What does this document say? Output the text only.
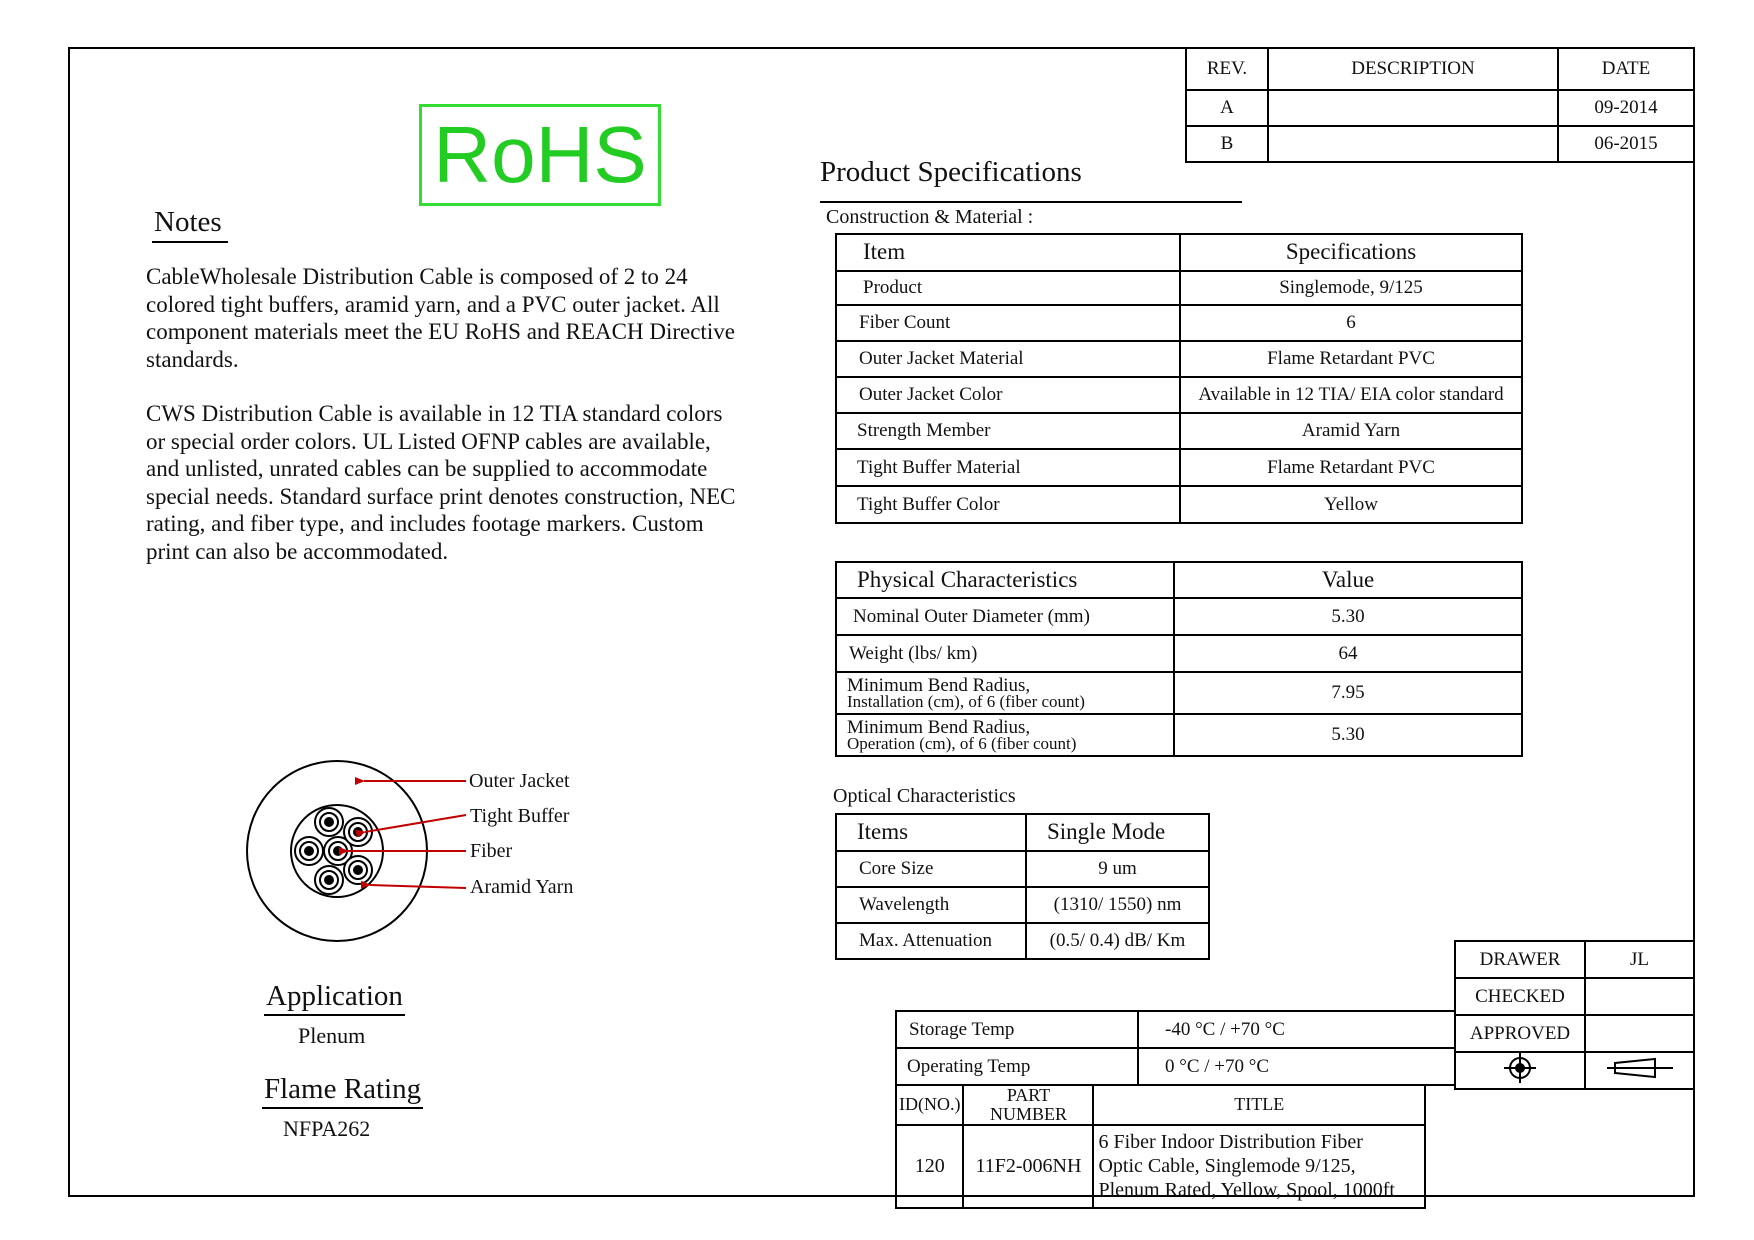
REV.	DESCRIPTION	DATE
A		09-2014
B		06-2015
RoHS
Notes

CableWholesale Distribution Cable is composed of 2 to 24 colored tight buffers, aramid yarn, and a PVC outer jacket. All component materials meet the EU RoHS and REACH Directive standards.

CWS Distribution Cable is available in 12 TIA standard colors or special order colors. UL Listed OFNP cables are available, and unlisted, unrated cables can be supplied to accommodate special needs. Standard surface print denotes construction, NEC rating, and fiber type, and includes footage markers. Custom print can also be accommodated.

Product Specifications
Construction & Material :
Item	Specifications
Product	Singlemode, 9/125
Fiber Count	6
Outer Jacket Material	Flame Retardant PVC
Outer Jacket Color	Available in 12 TIA/ EIA color standard
Strength Member	Aramid Yarn
Tight Buffer Material	Flame Retardant PVC
Tight Buffer Color	Yellow
Physical Characteristics	Value
Nominal Outer Diameter (mm)	5.30
Weight (lbs/ km)	64

Minimum Bend Radius,
Installation (cm), of 6 (fiber count)	7.95

Minimum Bend Radius,
Operation (cm), of 6 (fiber count)	5.30
Optical Characteristics
Items	Single Mode
Core Size	9 um
Wavelength	(1310/ 1550) nm
Max. Attenuation	(0.5/ 0.4) dB/ Km
Outer Jacket
Tight Buffer
Fiber
Aramid Yarn
Application
Plenum
Flame Rating
NFPA262
DRAWER	JL
CHECKED	
APPROVED	

Storage Temp	-40 °C / +70 °C
Operating Temp	0 °C / +70 °C
ID(NO.)	PART NUMBER	TITLE
120	11F2-006NH	6 Fiber Indoor Distribution Fiber
Optic Cable, Singlemode 9/125,
Plenum Rated, Yellow, Spool, 1000ft
